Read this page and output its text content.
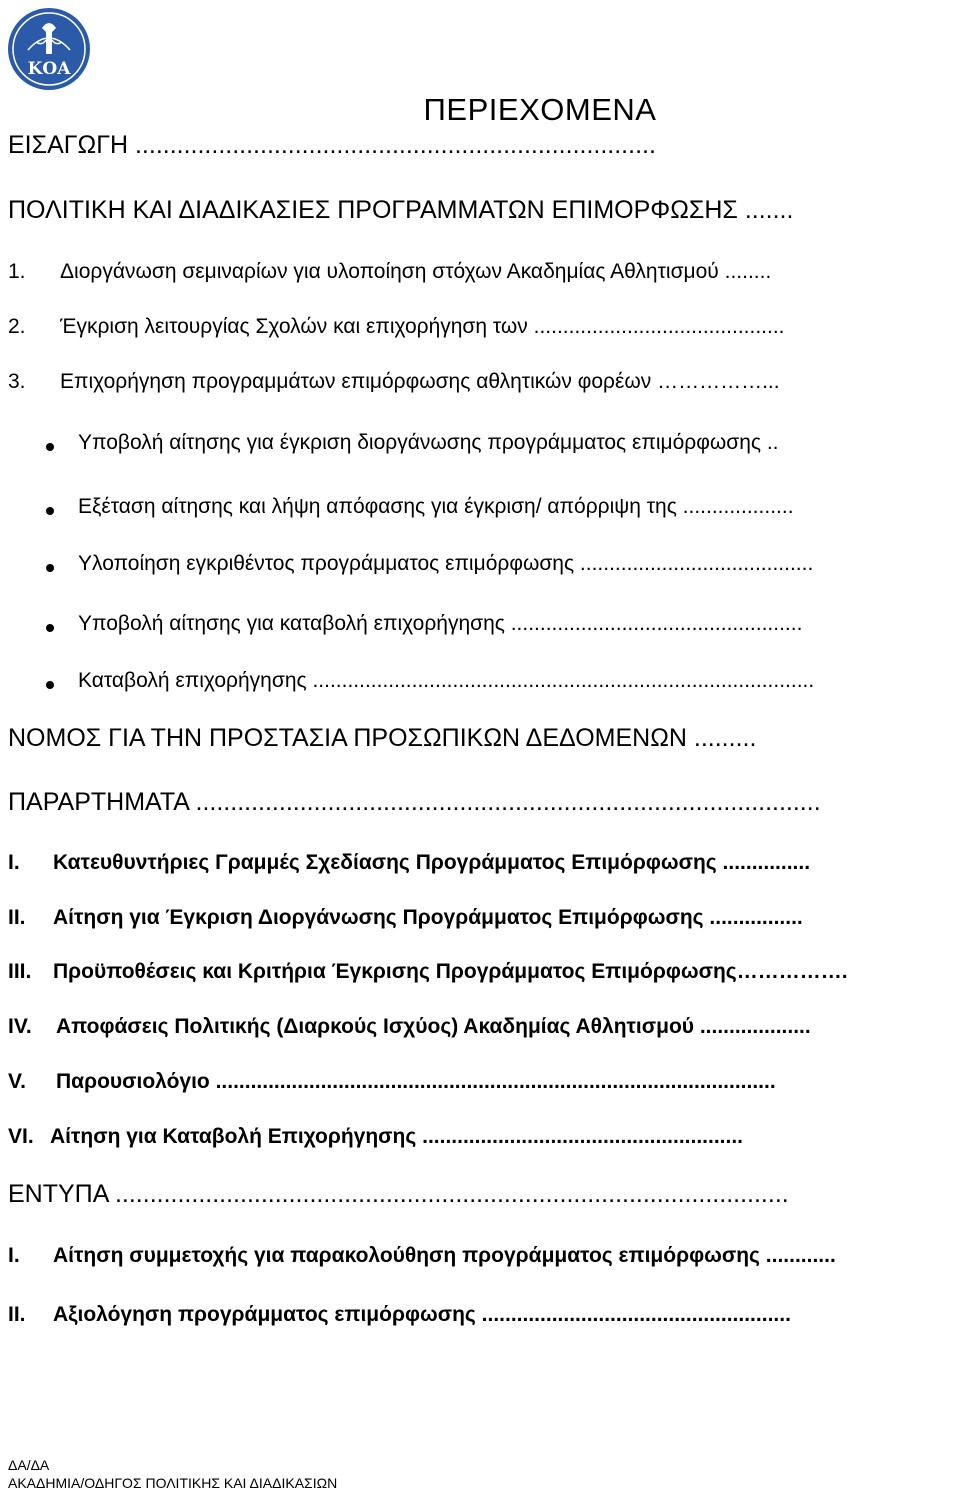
ΚΟΑ
ΠΕΡΙΕΧΟΜΕΝΑ
ΕΙΣΑΓΩΓΗ ...........................................................................
ΠΟΛΙΤΙΚΗ ΚΑΙ ΔΙΑΔΙΚΑΣΙΕΣ ΠΡΟΓΡΑΜΜΑΤΩΝ ΕΠΙΜΟΡΦΩΣΗΣ .......
1. Διοργάνωση σεμιναρίων για υλοποίηση στόχων Ακαδημίας Αθλητισμού ........
2. Έγκριση λειτουργίας Σχολών και επιχορήγηση των ...........................................
3. Επιχορήγηση προγραμμάτων επιμόρφωσης αθλητικών φορέων ……………...
Υποβολή αίτησης για έγκριση διοργάνωσης προγράμματος επιμόρφωσης ..
Εξέταση αίτησης και λήψη απόφασης για έγκριση/ απόρριψη της ...................
Υλοποίηση εγκριθέντος προγράμματος επιμόρφωσης ........................................
Υποβολή αίτησης για καταβολή επιχορήγησης ..................................................
Καταβολή επιχορήγησης ......................................................................................
ΝΟΜΟΣ ΓΙΑ ΤΗΝ ΠΡΟΣΤΑΣΙΑ ΠΡΟΣΩΠΙΚΩΝ ΔΕΔΟΜΕΝΩΝ .........
ΠΑΡΑΡΤΗΜΑΤΑ ..........................................................................................
I. Κατευθυντήριες Γραμμές Σχεδίασης Προγράμματος Επιμόρφωσης ...............
II. Αίτηση για Έγκριση Διοργάνωσης Προγράμματος Επιμόρφωσης ................
III. Προϋποθέσεις και Κριτήρια Έγκρισης Προγράμματος Επιμόρφωσης…………….
IV. Αποφάσεις Πολιτικής (Διαρκούς Ισχύος) Ακαδημίας Αθλητισμού ...................
V. Παρουσιολόγιο ................................................................................................
VI. Αίτηση για Καταβολή Επιχορήγησης .......................................................
ΕΝΤΥΠΑ .................................................................................................
I. Αίτηση συμμετοχής για παρακολούθηση προγράμματος επιμόρφωσης ............
II. Αξιολόγηση προγράμματος επιμόρφωσης .....................................................
ΔΑ/ΔΑ
ΑΚΑΔΗΜΙΑ/ΟΔΗΓΟΣ ΠΟΛΙΤΙΚΗΣ ΚΑΙ ΔΙΑΔΙΚΑΣΙΩΝ
